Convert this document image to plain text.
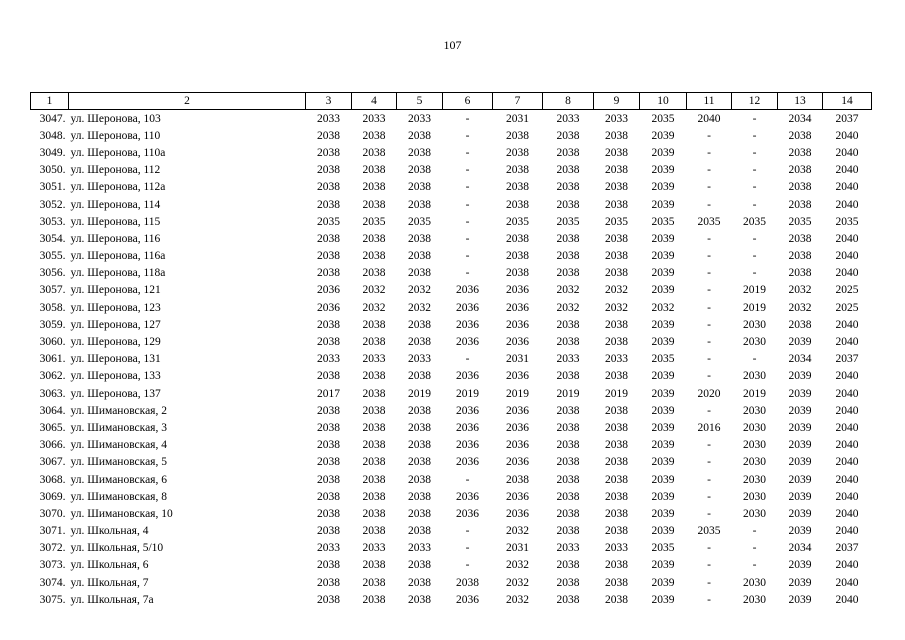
107
1	2	3	4	5	6	7	8	9	10	11	12	13	14
3047.	ул. Шеронова, 103	2033	2033	2033	-	2031	2033	2033	2035	2040	-	2034	2037
3048.	ул. Шеронова, 110	2038	2038	2038	-	2038	2038	2038	2039	-	-	2038	2040
3049.	ул. Шеронова, 110а	2038	2038	2038	-	2038	2038	2038	2039	-	-	2038	2040
3050.	ул. Шеронова, 112	2038	2038	2038	-	2038	2038	2038	2039	-	-	2038	2040
3051.	ул. Шеронова, 112а	2038	2038	2038	-	2038	2038	2038	2039	-	-	2038	2040
3052.	ул. Шеронова, 114	2038	2038	2038	-	2038	2038	2038	2039	-	-	2038	2040
3053.	ул. Шеронова, 115	2035	2035	2035	-	2035	2035	2035	2035	2035	2035	2035	2035
3054.	ул. Шеронова, 116	2038	2038	2038	-	2038	2038	2038	2039	-	-	2038	2040
3055.	ул. Шеронова, 116а	2038	2038	2038	-	2038	2038	2038	2039	-	-	2038	2040
3056.	ул. Шеронова, 118а	2038	2038	2038	-	2038	2038	2038	2039	-	-	2038	2040
3057.	ул. Шеронова, 121	2036	2032	2032	2036	2036	2032	2032	2039	-	2019	2032	2025
3058.	ул. Шеронова, 123	2036	2032	2032	2036	2036	2032	2032	2032	-	2019	2032	2025
3059.	ул. Шеронова, 127	2038	2038	2038	2036	2036	2038	2038	2039	-	2030	2038	2040
3060.	ул. Шеронова, 129	2038	2038	2038	2036	2036	2038	2038	2039	-	2030	2039	2040
3061.	ул. Шеронова, 131	2033	2033	2033	-	2031	2033	2033	2035	-	-	2034	2037
3062.	ул. Шеронова, 133	2038	2038	2038	2036	2036	2038	2038	2039	-	2030	2039	2040
3063.	ул. Шеронова, 137	2017	2038	2019	2019	2019	2019	2019	2039	2020	2019	2039	2040
3064.	ул. Шимановская, 2	2038	2038	2038	2036	2036	2038	2038	2039	-	2030	2039	2040
3065.	ул. Шимановская, 3	2038	2038	2038	2036	2036	2038	2038	2039	2016	2030	2039	2040
3066.	ул. Шимановская, 4	2038	2038	2038	2036	2036	2038	2038	2039	-	2030	2039	2040
3067.	ул. Шимановская, 5	2038	2038	2038	2036	2036	2038	2038	2039	-	2030	2039	2040
3068.	ул. Шимановская, 6	2038	2038	2038	-	2038	2038	2038	2039	-	2030	2039	2040
3069.	ул. Шимановская, 8	2038	2038	2038	2036	2036	2038	2038	2039	-	2030	2039	2040
3070.	ул. Шимановская, 10	2038	2038	2038	2036	2036	2038	2038	2039	-	2030	2039	2040
3071.	ул. Школьная, 4	2038	2038	2038	-	2032	2038	2038	2039	2035	-	2039	2040
3072.	ул. Школьная, 5/10	2033	2033	2033	-	2031	2033	2033	2035	-	-	2034	2037
3073.	ул. Школьная, 6	2038	2038	2038	-	2032	2038	2038	2039	-	-	2039	2040
3074.	ул. Школьная, 7	2038	2038	2038	2038	2032	2038	2038	2039	-	2030	2039	2040
3075.	ул. Школьная, 7а	2038	2038	2038	2036	2032	2038	2038	2039	-	2030	2039	2040
